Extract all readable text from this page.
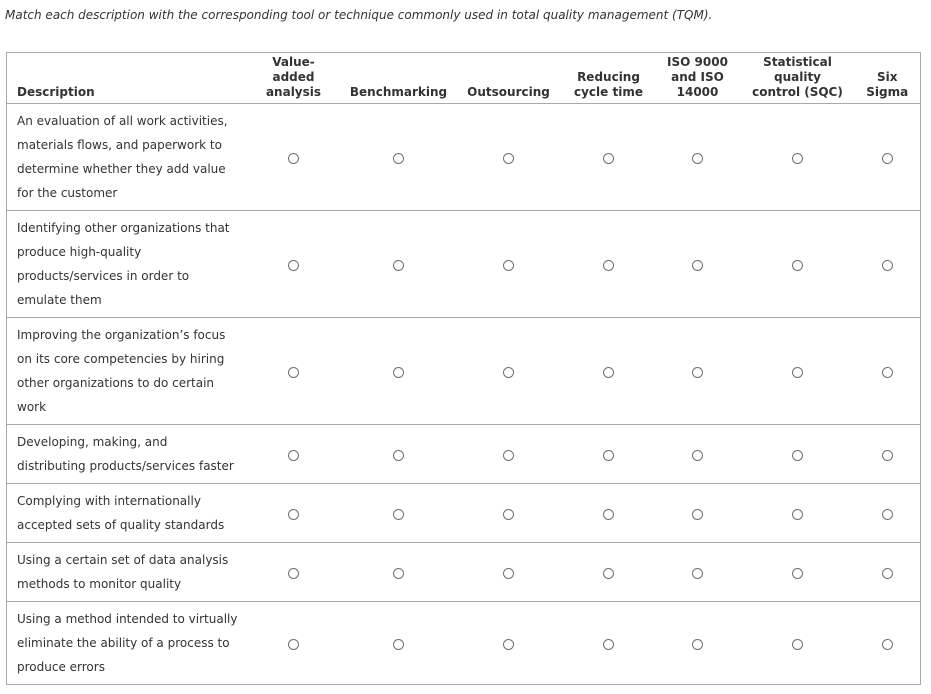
Match each description with the corresponding tool or technique commonly used in total quality management (TQM).
Description	Value-
added
analysis	Benchmarking	Outsourcing	Reducing
cycle time	ISO 9000
and ISO
14000	Statistical
quality
control (SQC)	Six
Sigma
An evaluation of all work activities, materials flows, and paperwork to determine whether they add value for the customer							
Identifying other organizations that produce high-quality products/services in order to emulate them							
Improving the organization’s focus on its core competencies by hiring other organizations to do certain work							
Developing, making, and distributing products/services faster							
Complying with internationally accepted sets of quality standards							
Using a certain set of data analysis methods to monitor quality							
Using a method intended to virtually eliminate the ability of a process to produce errors							
